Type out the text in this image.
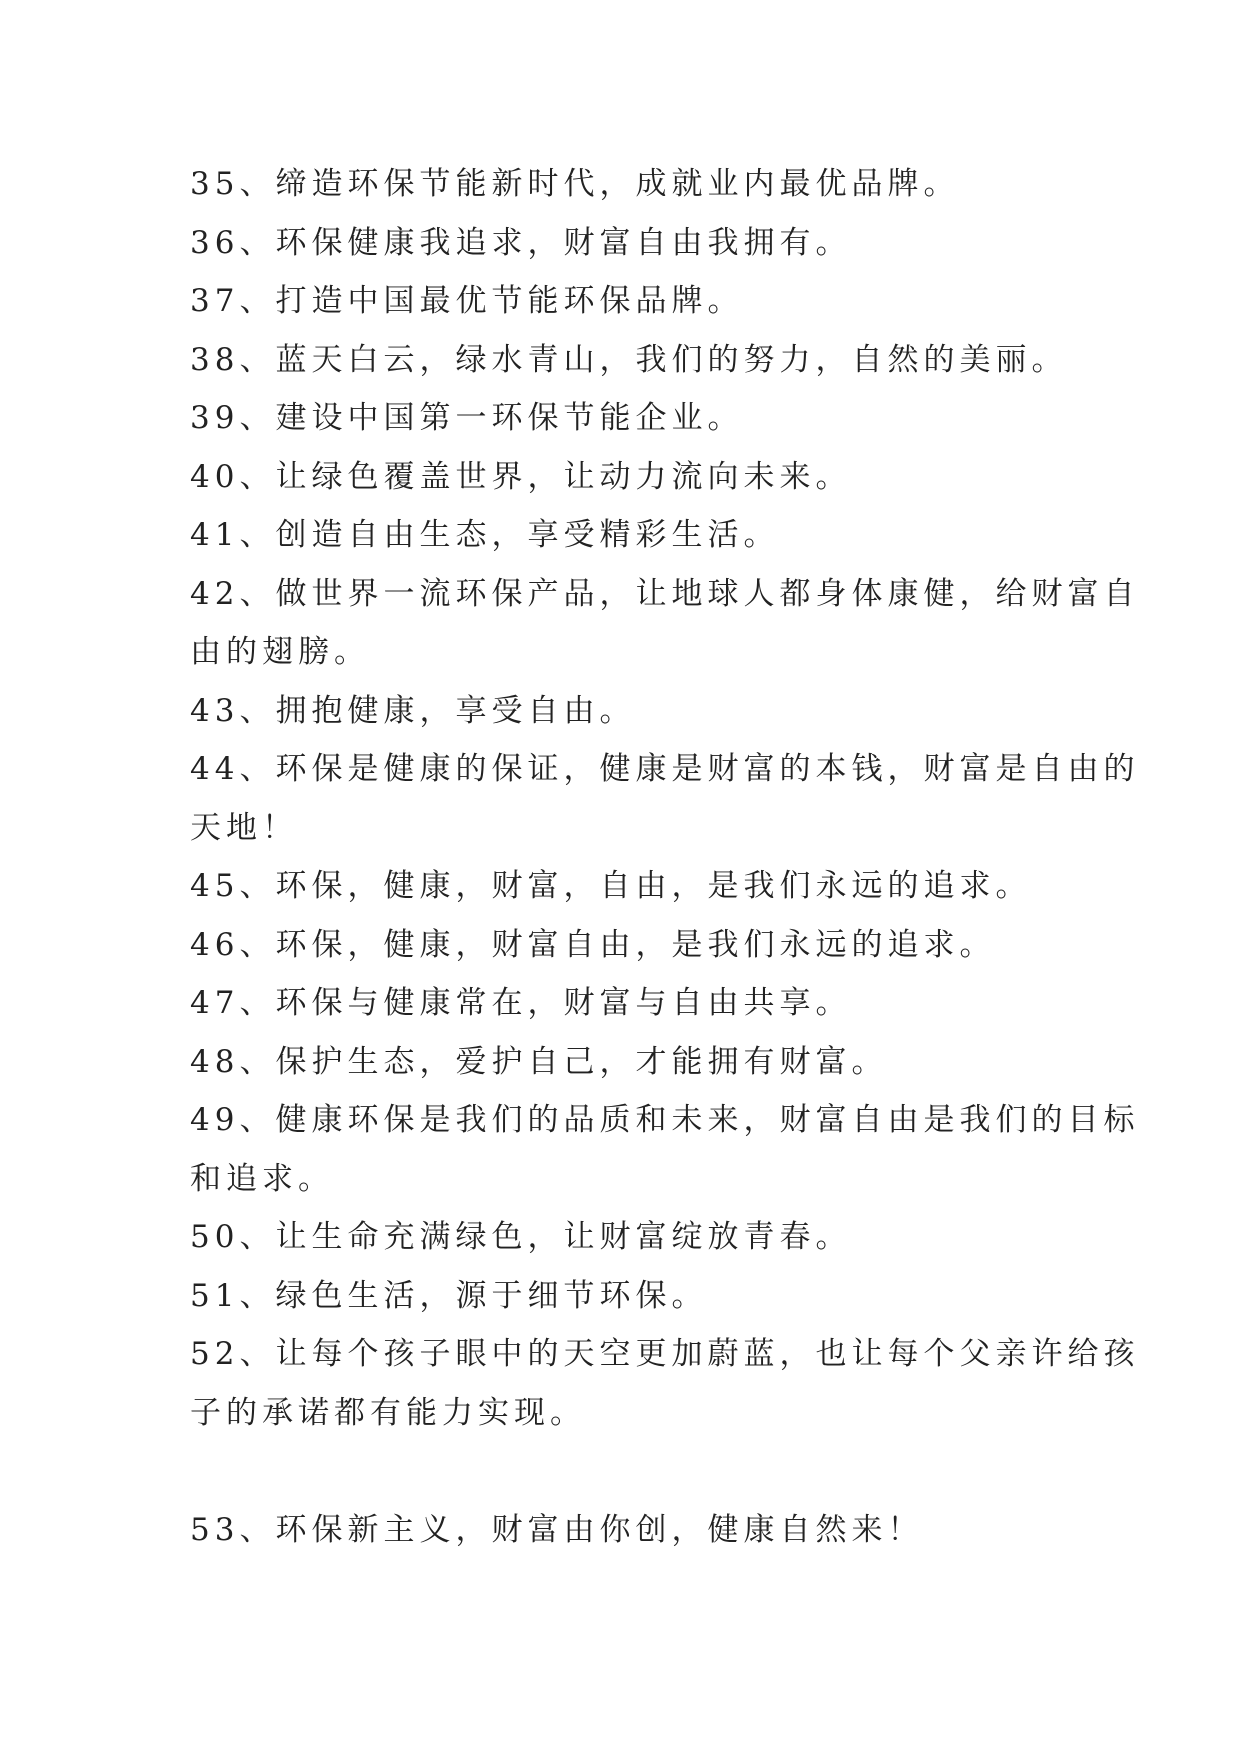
35、缔造环保节能新时代，成就业内最优品牌。

36、环保健康我追求，财富自由我拥有。

37、打造中国最优节能环保品牌。

38、蓝天白云，绿水青山，我们的努力，自然的美丽。

39、建设中国第一环保节能企业。

40、让绿色覆盖世界，让动力流向未来。

41、创造自由生态，享受精彩生活。

42、做世界一流环保产品，让地球人都身体康健，给财富自

由的翅膀。

43、拥抱健康，享受自由。

44、环保是健康的保证，健康是财富的本钱，财富是自由的

天地！

45、环保，健康，财富，自由，是我们永远的追求。

46、环保，健康，财富自由，是我们永远的追求。

47、环保与健康常在，财富与自由共享。

48、保护生态，爱护自己，才能拥有财富。

49、健康环保是我们的品质和未来，财富自由是我们的目标

和追求。

50、让生命充满绿色，让财富绽放青春。

51、绿色生活，源于细节环保。

52、让每个孩子眼中的天空更加蔚蓝，也让每个父亲许给孩

子的承诺都有能力实现。

53、环保新主义，财富由你创，健康自然来！
